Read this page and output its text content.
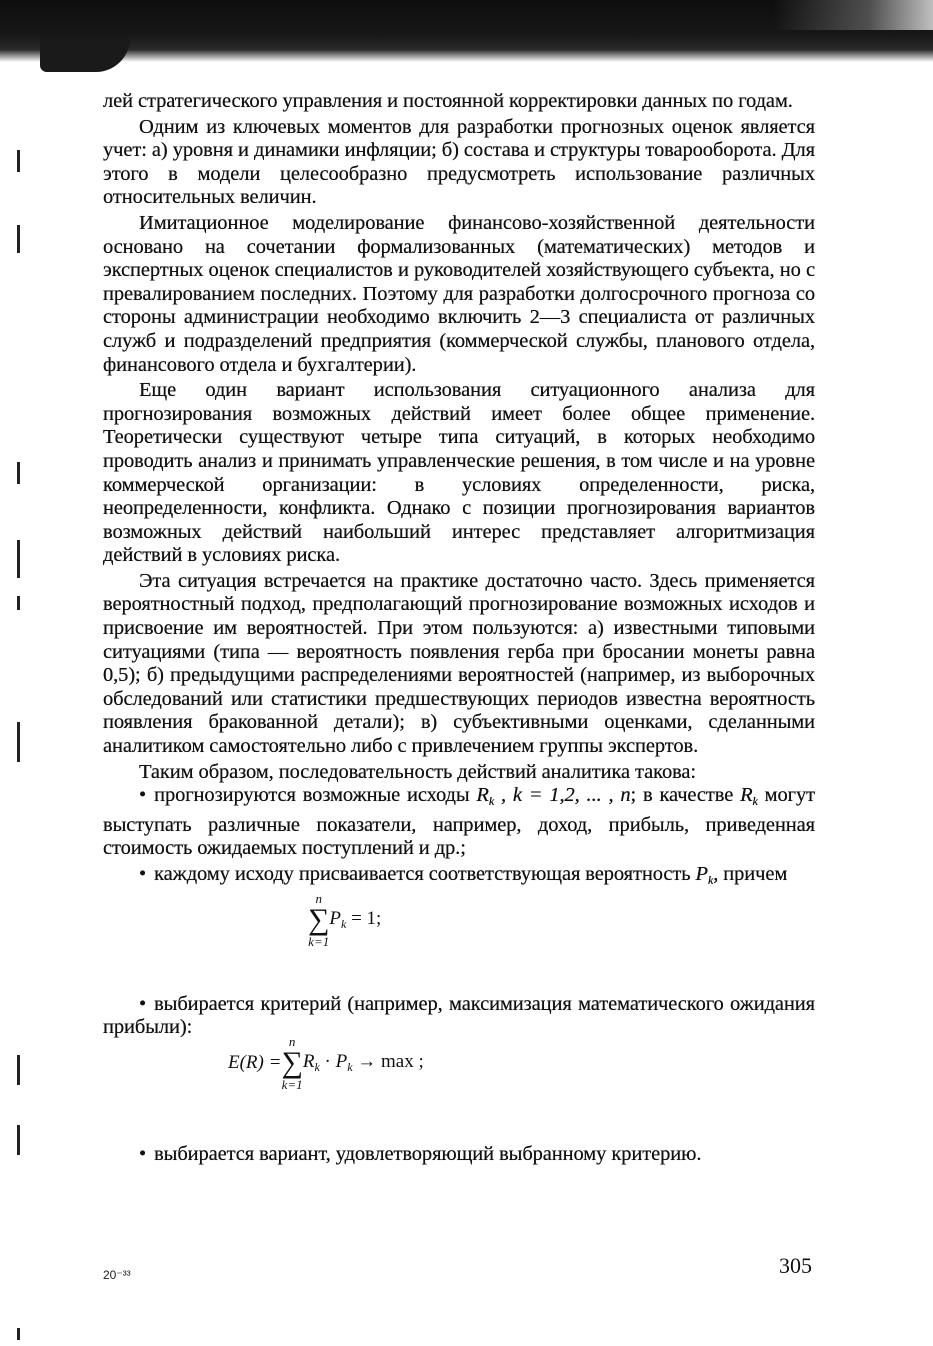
лей стратегического управления и постоянной корректировки данных по годам.

Одним из ключевых моментов для разработки прогнозных оценок является учет: а) уровня и динамики инфляции; б) состава и структуры товарооборота. Для этого в модели целесообразно предусмотреть использование различных относительных величин.

Имитационное моделирование финансово-хозяйственной деятельности основано на сочетании формализованных (математических) методов и экспертных оценок специалистов и руководителей хозяйствующего субъекта, но с превалированием последних. Поэтому для разработки долгосрочного прогноза со стороны администрации необходимо включить 2—3 специалиста от различных служб и подразделений предприятия (коммерческой службы, планового отдела, финансового отдела и бухгалтерии).

Еще один вариант использования ситуационного анализа для прогнозирования возможных действий имеет более общее применение. Теоретически существуют четыре типа ситуаций, в которых необходимо проводить анализ и принимать управленческие решения, в том числе и на уровне коммерческой организации: в условиях определенности, риска, неопределенности, конфликта. Однако с позиции прогнозирования вариантов возможных действий наибольший интерес представляет алгоритмизация действий в условиях риска.

Эта ситуация встречается на практике достаточно часто. Здесь применяется вероятностный подход, предполагающий прогнозирование возможных исходов и присвоение им вероятностей. При этом пользуются: а) известными типовыми ситуациями (типа — вероятность появления герба при бросании монеты равна 0,5); б) предыдущими распределениями вероятностей (например, из выборочных обследований или статистики предшествующих периодов известна вероятность появления бракованной детали); в) субъективными оценками, сделанными аналитиком самостоятельно либо с привлечением группы экспертов.

Таким образом, последовательность действий аналитика такова:

• прогнозируются возможные исходы $R_k$ , k = 1,2, ... , n; в качестве $R_k$ могут выступать различные показатели, например, доход, прибыль, приведенная стоимость ожидаемых поступлений и др.;

• каждому исходу присваивается соответствующая вероятность $P_k$, причем

• выбирается критерий (например, максимизация математического ожидания прибыли):

• выбирается вариант, удовлетворяющий выбранному критерию.

n
∑
k=1
$P_k = 1$;
E(R) =
n
∑
k=1
$R_k \cdot P_k \to \max$ ;
20⁻³³	305
